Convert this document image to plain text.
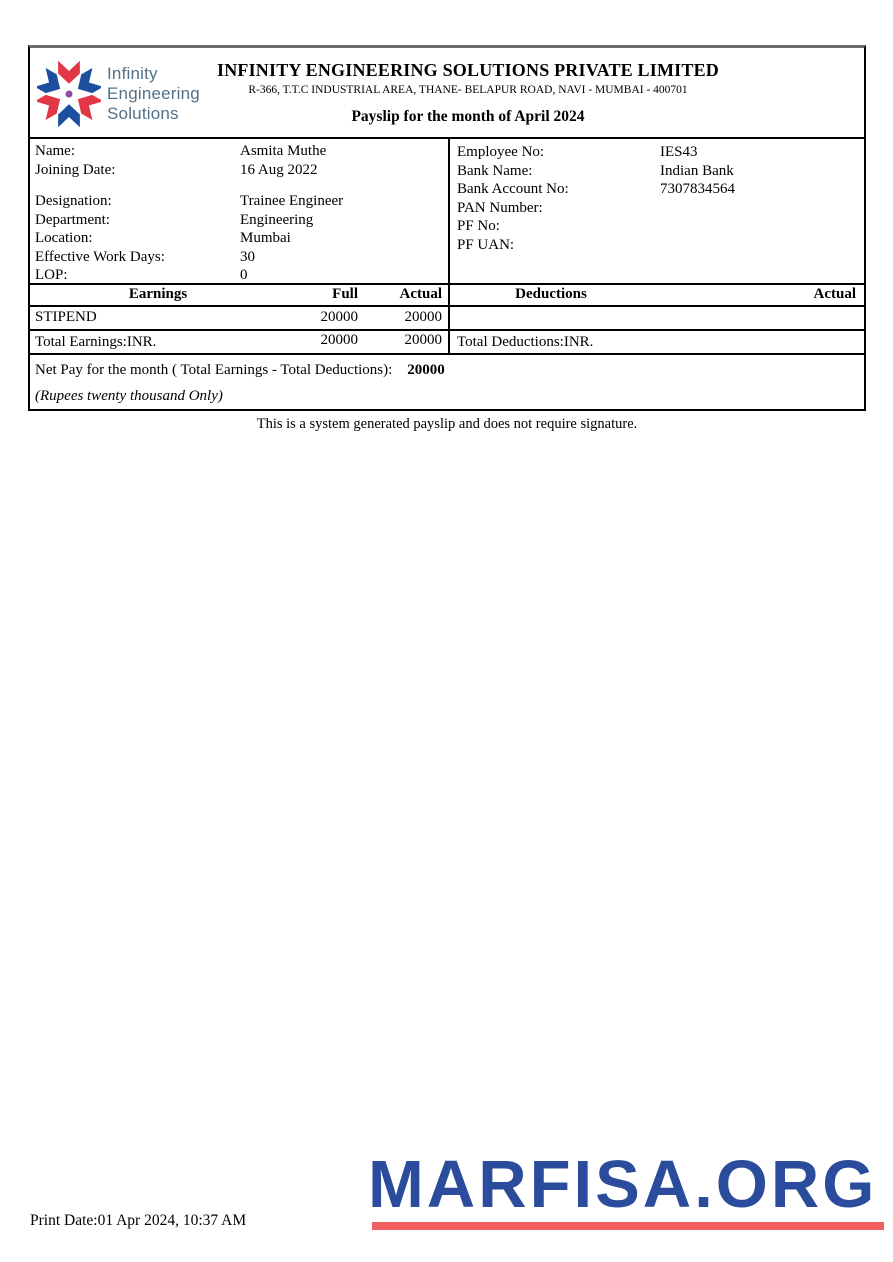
Infinity
Engineering
Solutions
INFINITY ENGINEERING SOLUTIONS PRIVATE LIMITED
R-366, T.T.C INDUSTRIAL AREA, THANE- BELAPUR ROAD, NAVI - MUMBAI - 400701
Payslip for the month of April 2024
Name:	Asmita Muthe
Joining Date:	16 Aug 2022
Designation:	Trainee Engineer
Department:	Engineering
Location:	Mumbai
Effective Work Days:	30
LOP:	0
Employee No:	IES43
Bank Name:	Indian Bank
Bank Account No:	7307834564
PAN Number:
PF No:
PF UAN:
Earnings	Full	Actual	Deductions	Actual
STIPEND	20000	20000
Total Earnings:INR.	20000	20000	Total Deductions:INR.
Net Pay for the month ( Total Earnings - Total Deductions): 20000
(Rupees twenty thousand Only)
This is a system generated payslip and does not require signature.
MARFISA.ORG
Print Date:01 Apr 2024, 10:37 AM
